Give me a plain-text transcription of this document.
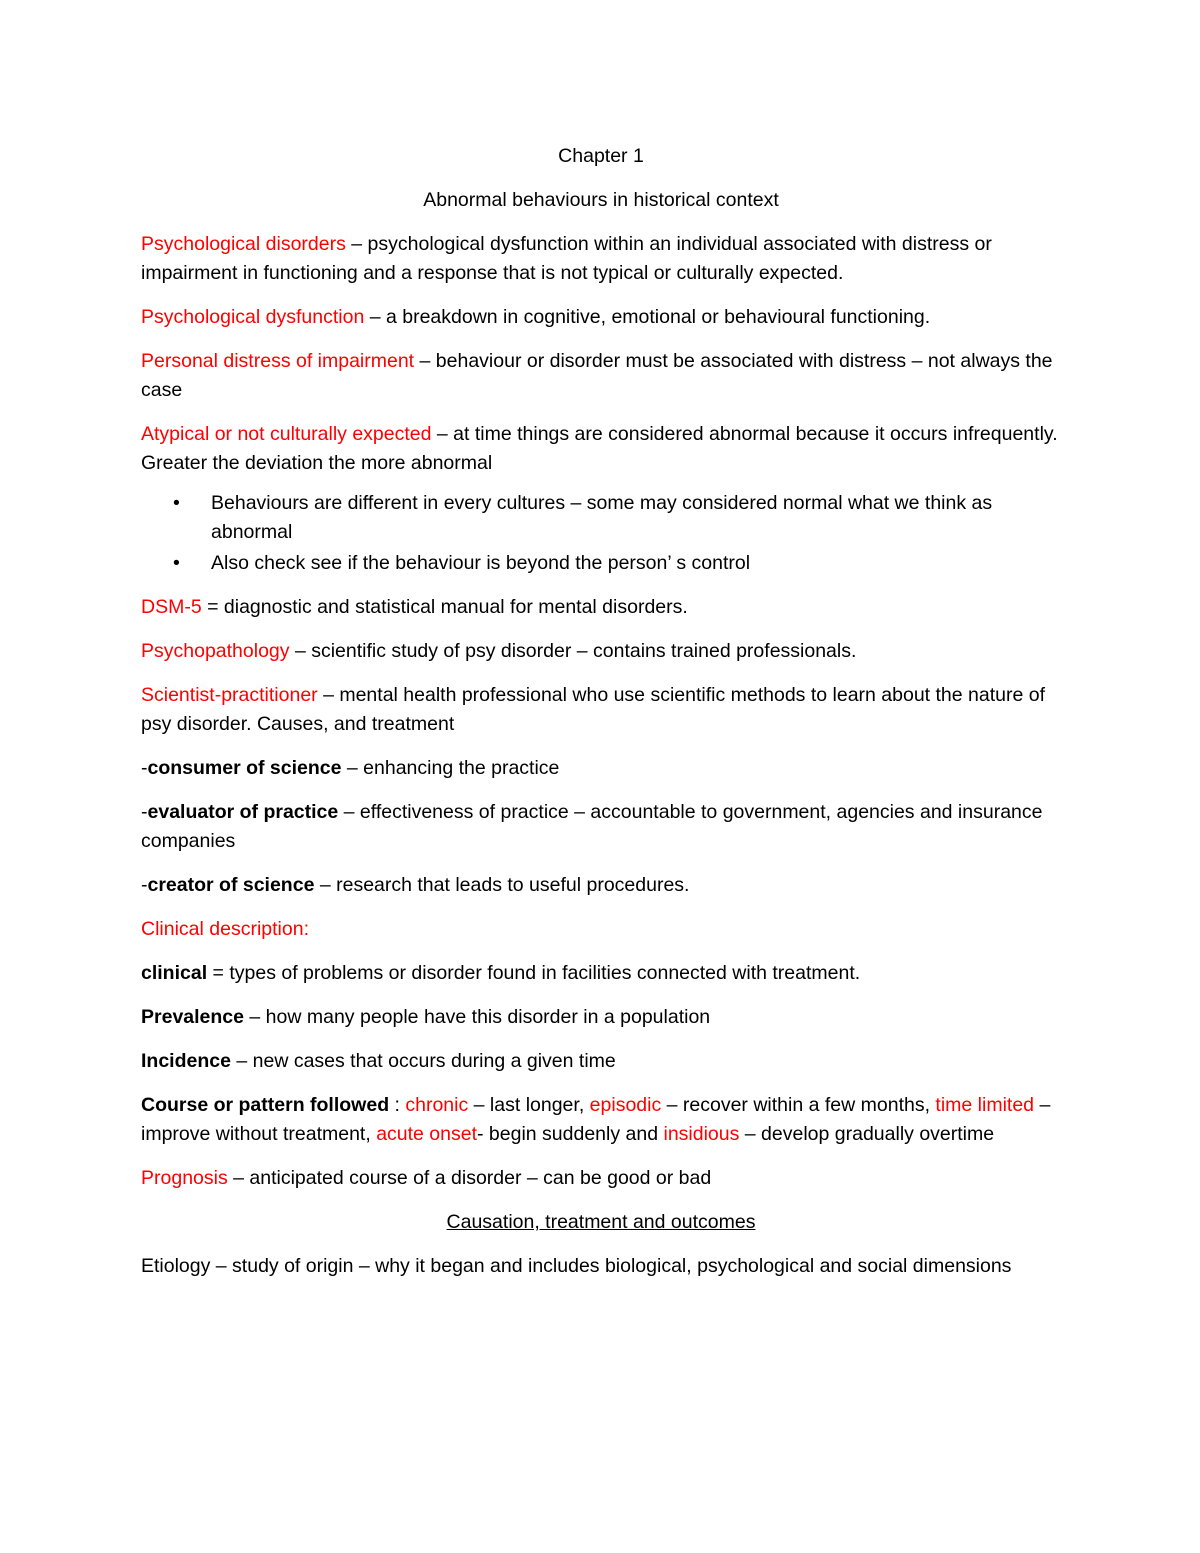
Chapter 1

Abnormal behaviours in historical context

Psychological disorders – psychological dysfunction within an individual associated with distress or impairment in functioning and a response that is not typical or culturally expected.

Psychological dysfunction – a breakdown in cognitive, emotional or behavioural functioning.

Personal distress of impairment – behaviour or disorder must be associated with distress – not always the case

Atypical or not culturally expected – at time things are considered abnormal because it occurs infrequently. Greater the deviation the more abnormal

• Behaviours are different in every cultures – some may considered normal what we think as abnormal
• Also check see if the behaviour is beyond the person’ s control

DSM-5 = diagnostic and statistical manual for mental disorders.

Psychopathology – scientific study of psy disorder – contains trained professionals.

Scientist-practitioner – mental health professional who use scientific methods to learn about the nature of psy disorder. Causes, and treatment

-consumer of science – enhancing the practice

-evaluator of practice – effectiveness of practice – accountable to government, agencies and insurance companies

-creator of science – research that leads to useful procedures.

Clinical description:

clinical = types of problems or disorder found in facilities connected with treatment.

Prevalence – how many people have this disorder in a population

Incidence – new cases that occurs during a given time

Course or pattern followed : chronic – last longer, episodic – recover within a few months, time limited – improve without treatment, acute onset- begin suddenly and insidious – develop gradually overtime

Prognosis – anticipated course of a disorder – can be good or bad

Causation, treatment and outcomes

Etiology – study of origin – why it began and includes biological, psychological and social dimensions
